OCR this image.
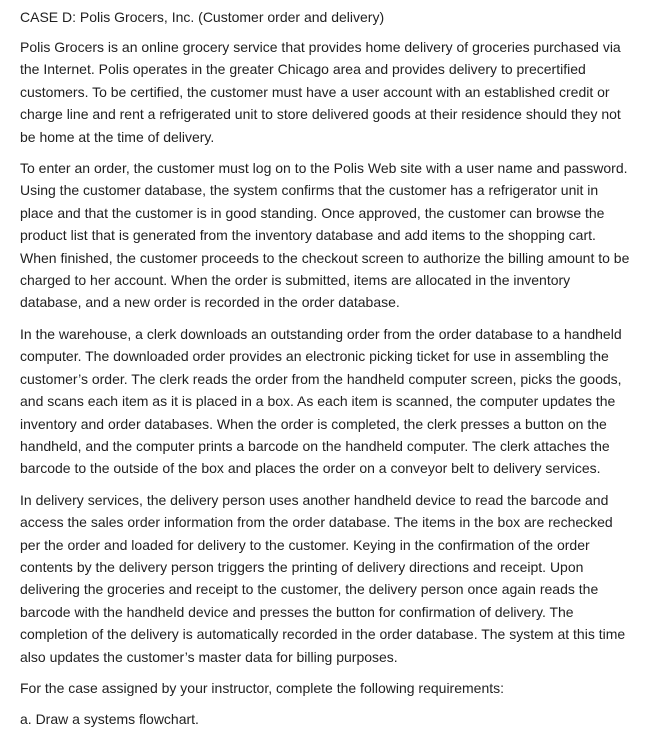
CASE D: Polis Grocers, Inc. (Customer order and delivery)

Polis Grocers is an online grocery service that provides home delivery of groceries purchased via the Internet. Polis operates in the greater Chicago area and provides delivery to precertified customers. To be certified, the customer must have a user account with an established credit or charge line and rent a refrigerated unit to store delivered goods at their residence should they not be home at the time of delivery.

To enter an order, the customer must log on to the Polis Web site with a user name and password. Using the customer database, the system confirms that the customer has a refrigerator unit in place and that the customer is in good standing. Once approved, the customer can browse the product list that is generated from the inventory database and add items to the shopping cart. When finished, the customer proceeds to the checkout screen to authorize the billing amount to be charged to her account. When the order is submitted, items are allocated in the inventory database, and a new order is recorded in the order database.

In the warehouse, a clerk downloads an outstanding order from the order database to a handheld computer. The downloaded order provides an electronic picking ticket for use in assembling the customer’s order. The clerk reads the order from the handheld computer screen, picks the goods, and scans each item as it is placed in a box. As each item is scanned, the computer updates the inventory and order databases. When the order is completed, the clerk presses a button on the handheld, and the computer prints a barcode on the handheld computer. The clerk attaches the barcode to the outside of the box and places the order on a conveyor belt to delivery services.

In delivery services, the delivery person uses another handheld device to read the barcode and access the sales order information from the order database. The items in the box are rechecked per the order and loaded for delivery to the customer. Keying in the confirmation of the order contents by the delivery person triggers the printing of delivery directions and receipt. Upon delivering the groceries and receipt to the customer, the delivery person once again reads the barcode with the handheld device and presses the button for confirmation of delivery. The completion of the delivery is automatically recorded in the order database. The system at this time also updates the customer’s master data for billing purposes.

For the case assigned by your instructor, complete the following requirements:

a. Draw a systems flowchart.
